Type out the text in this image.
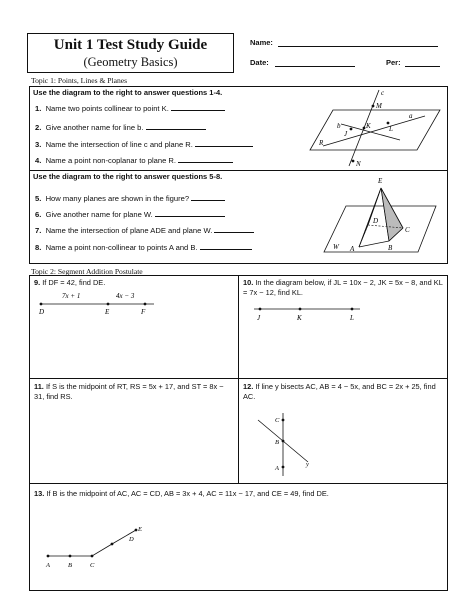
Unit 1 Test Study Guide
(Geometry Basics)
Name:
Date:	Per:
Topic 1: Points, Lines & Planes
Use the diagram to the right to answer questions 1-4.
1. Name two points collinear to point K.
2. Give another name for line b.
3. Name the intersection of line c and plane R.
4. Name a point non-coplanar to plane R.
c
M
a
J
K	L
b
R
N
Use the diagram to the right to answer questions 5-8.
5. How many planes are shown in the figure?
6. Give another name for plane W.
7. Name the intersection of plane ADE and plane W.
8. Name a point non-collinear to points A and B.
E
D
W A	B
C
Topic 2: Segment Addition Postulate
9. If DF = 42, find DE.
7x + 1	4x − 3
D	E	F
10. In the diagram below, if JL = 10x − 2, JK = 5x − 8, and KL = 7x − 12, find KL.
J	K	L
11. If S is the midpoint of RT, RS = 5x + 17, and ST = 8x − 31, find RS.
12. If line y bisects AC, AB = 4 − 5x, and BC = 2x + 25, find AC.
C
B
y
A
13. If B is the midpoint of AC, AC = CD, AB = 3x + 4, AC = 11x − 17, and CE = 49, find DE.
A	B	C
D
E
